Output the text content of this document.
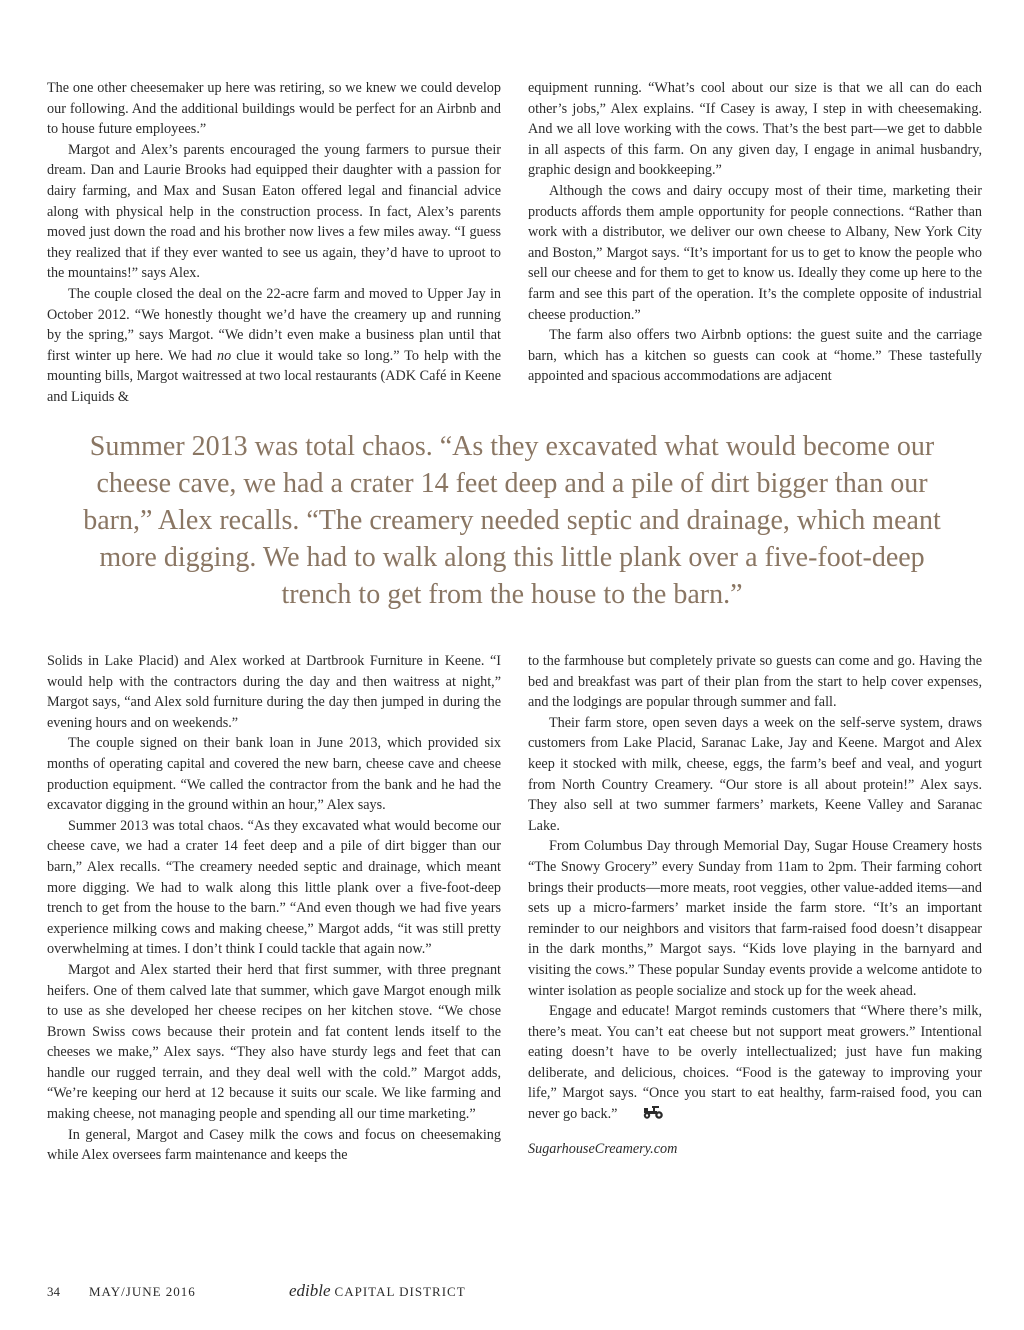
The one other cheesemaker up here was retiring, so we knew we could develop our following. And the additional buildings would be perfect for an Airbnb and to house future employees.”

Margot and Alex’s parents encouraged the young farmers to pursue their dream. Dan and Laurie Brooks had equipped their daughter with a passion for dairy farming, and Max and Susan Eaton offered legal and financial advice along with physical help in the construction process. In fact, Alex’s parents moved just down the road and his brother now lives a few miles away. “I guess they realized that if they ever wanted to see us again, they’d have to uproot to the mountains!” says Alex.

The couple closed the deal on the 22-acre farm and moved to Upper Jay in October 2012. “We honestly thought we’d have the creamery up and running by the spring,” says Margot. “We didn’t even make a business plan until that first winter up here. We had no clue it would take so long.” To help with the mounting bills, Margot waitressed at two local restaurants (ADK Café in Keene and Liquids &

equipment running. “What’s cool about our size is that we all can do each other’s jobs,” Alex explains. “If Casey is away, I step in with cheesemaking. And we all love working with the cows. That’s the best part—we get to dabble in all aspects of this farm. On any given day, I engage in animal husbandry, graphic design and bookkeeping.”

Although the cows and dairy occupy most of their time, marketing their products affords them ample opportunity for people connections. “Rather than work with a distributor, we deliver our own cheese to Albany, New York City and Boston,” Margot says. “It’s important for us to get to know the people who sell our cheese and for them to get to know us. Ideally they come up here to the farm and see this part of the operation. It’s the complete opposite of industrial cheese production.”

The farm also offers two Airbnb options: the guest suite and the carriage barn, which has a kitchen so guests can cook at “home.” These tastefully appointed and spacious accommodations are adjacent

Summer 2013 was total chaos. “As they excavated what would become our cheese cave, we had a crater 14 feet deep and a pile of dirt bigger than our barn,” Alex recalls. “The creamery needed septic and drainage, which meant more digging. We had to walk along this little plank over a five-foot-deep trench to get from the house to the barn.”

Solids in Lake Placid) and Alex worked at Dartbrook Furniture in Keene. “I would help with the contractors during the day and then waitress at night,” Margot says, “and Alex sold furniture during the day then jumped in during the evening hours and on weekends.”

The couple signed on their bank loan in June 2013, which provided six months of operating capital and covered the new barn, cheese cave and cheese production equipment. “We called the contractor from the bank and he had the excavator digging in the ground within an hour,” Alex says.

Summer 2013 was total chaos. “As they excavated what would become our cheese cave, we had a crater 14 feet deep and a pile of dirt bigger than our barn,” Alex recalls. “The creamery needed septic and drainage, which meant more digging. We had to walk along this little plank over a five-foot-deep trench to get from the house to the barn.” “And even though we had five years experience milking cows and making cheese,” Margot adds, “it was still pretty overwhelming at times. I don’t think I could tackle that again now.”

Margot and Alex started their herd that first summer, with three pregnant heifers. One of them calved late that summer, which gave Margot enough milk to use as she developed her cheese recipes on her kitchen stove. “We chose Brown Swiss cows because their protein and fat content lends itself to the cheeses we make,” Alex says. “They also have sturdy legs and feet that can handle our rugged terrain, and they deal well with the cold.” Margot adds, “We’re keeping our herd at 12 because it suits our scale. We like farming and making cheese, not managing people and spending all our time marketing.”

In general, Margot and Casey milk the cows and focus on cheesemaking while Alex oversees farm maintenance and keeps the

to the farmhouse but completely private so guests can come and go. Having the bed and breakfast was part of their plan from the start to help cover expenses, and the lodgings are popular through summer and fall.

Their farm store, open seven days a week on the self-serve system, draws customers from Lake Placid, Saranac Lake, Jay and Keene. Margot and Alex keep it stocked with milk, cheese, eggs, the farm’s beef and veal, and yogurt from North Country Creamery. “Our store is all about protein!” Alex says. They also sell at two summer farmers’ markets, Keene Valley and Saranac Lake.

From Columbus Day through Memorial Day, Sugar House Creamery hosts “The Snowy Grocery” every Sunday from 11am to 2pm. Their farming cohort brings their products—more meats, root veggies, other value-added items—and sets up a micro-farmers’ market inside the farm store. “It’s an important reminder to our neighbors and visitors that farm-raised food doesn’t disappear in the dark months,” Margot says. “Kids love playing in the barnyard and visiting the cows.” These popular Sunday events provide a welcome antidote to winter isolation as people socialize and stock up for the week ahead.

Engage and educate! Margot reminds customers that “Where there’s milk, there’s meat. You can’t eat cheese but not support meat growers.” Intentional eating doesn’t have to be overly intellectualized; just have fun making deliberate, and delicious, choices. “Food is the gateway to improving your life,” Margot says. “Once you start to eat healthy, farm-raised food, you can never go back.”

SugarhouseCreamery.com

34 MAY/JUNE 2016	edible CAPITAL DISTRICT
